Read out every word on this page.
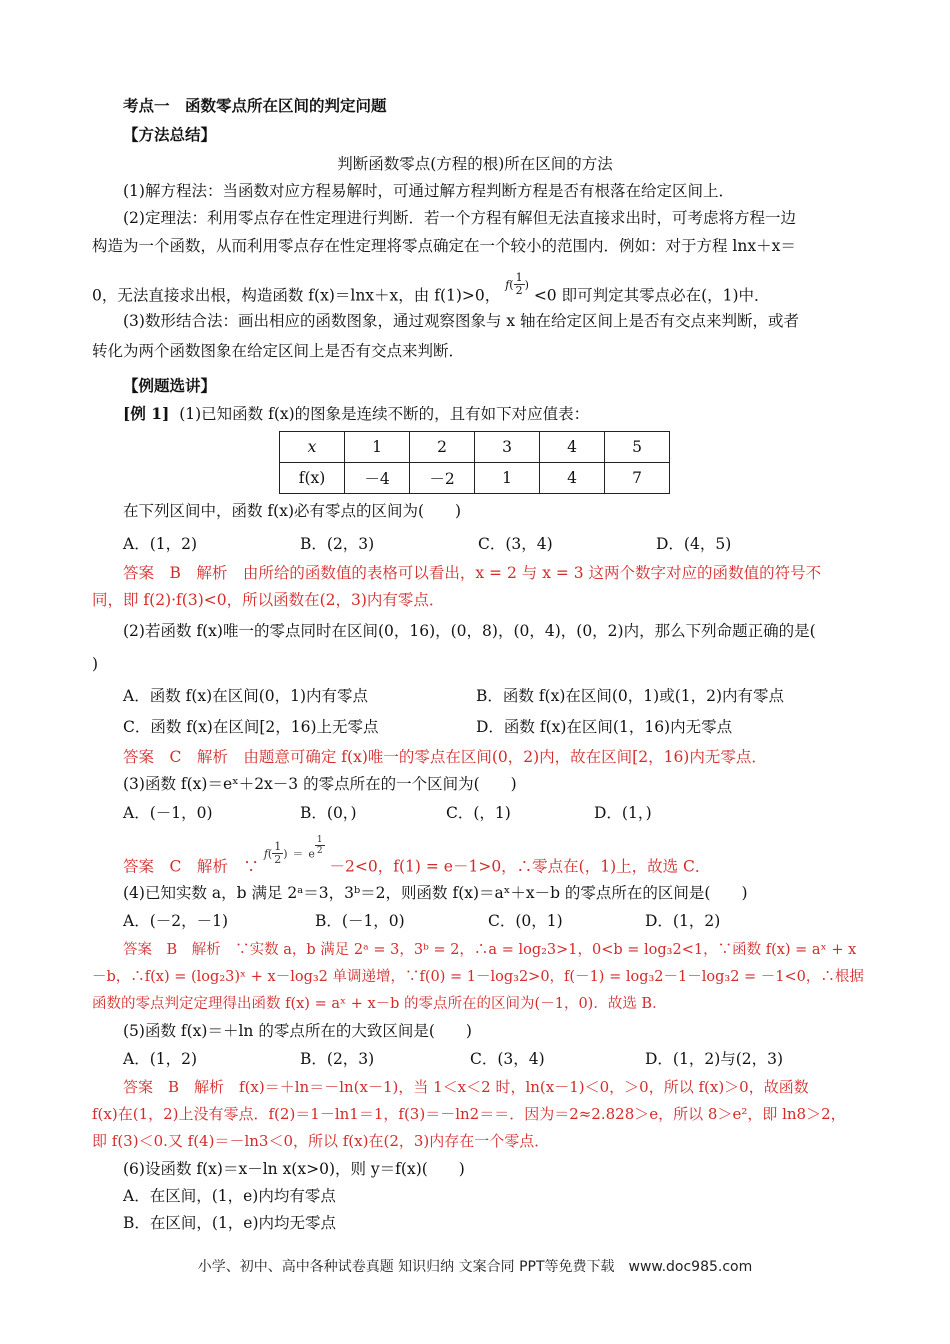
考点一　函数零点所在区间的判定问题
【方法总结】
判断函数零点(方程的根)所在区间的方法
(1)解方程法：当函数对应方程易解时，可通过解方程判断方程是否有根落在给定区间上．
(2)定理法：利用零点存在性定理进行判断．若一个方程有解但无法直接求出时，可考虑将方程一边
构造为一个函数，从而利用零点存在性定理将零点确定在一个较小的范围内．例如：对于方程 lnx＋x＝
0，无法直接求出根，构造函数 f(x)＝lnx＋x，由 f(1)>0， $f( \frac{1}{2}$ ) <0 即可判定其零点必在(，1)中．
(3)数形结合法：画出相应的函数图象，通过观察图象与 x 轴在给定区间上是否有交点来判断，或者
转化为两个函数图象在给定区间上是否有交点来判断．
【例题选讲】
[例 1] (1)已知函数 f(x)的图象是连续不断的，且有如下对应值表：
x	1	2	3	4	5
f(x)	－4	－2	1	4	7
在下列区间中，函数 f(x)必有零点的区间为(　　)
A．(1，2)	B．(2，3)	C．(3，4)	D．(4，5)
答案　B　解析　由所给的函数值的表格可以看出，x = 2 与 x = 3 这两个数字对应的函数值的符号不
同，即 f(2)·f(3)<0，所以函数在(2，3)内有零点．
(2)若函数 f(x)唯一的零点同时在区间(0，16)，(0，8)，(0，4)，(0，2)内，那么下列命题正确的是(
)
A．函数 f(x)在区间(0，1)内有零点	B．函数 f(x)在区间(0，1)或(1，2)内有零点
C．函数 f(x)在区间[2，16)上无零点	D．函数 f(x)在区间(1，16)内无零点
答案　C　解析　由题意可确定 f(x)唯一的零点在区间(0，2)内，故在区间[2，16)内无零点．
(3)函数 f(x)＝eˣ＋2x－3 的零点所在的一个区间为(　　)
A．(－1，0)	B．(0，)	C．(，1)	D．(1，)
答案　C　解析　∵ $f( \frac{1}{2}$ ) ＝ e $\frac{1}{2}$
－2<0，f(1) = e－1>0，∴零点在(，1)上，故选 C．
(4)已知实数 a，b 满足 2ᵃ＝3，3ᵇ＝2，则函数 f(x)＝aˣ＋x－b 的零点所在的区间是(　　)
A．(－2，－1)	B．(－1，0)	C．(0，1)	D．(1，2)
答案　B　解析　∵实数 a，b 满足 2ᵃ = 3，3ᵇ = 2，∴a = log₂3>1，0<b = log₃2<1，∵函数 f(x) = aˣ + x
－b，∴f(x) = (log₂3)ˣ + x－log₃2 单调递增，∵f(0) = 1－log₃2>0，f(－1) = log₃2－1－log₃2 = －1<0，∴根据
函数的零点判定定理得出函数 f(x) = aˣ + x－b 的零点所在的区间为(－1，0)．故选 B．
(5)函数 f(x)＝＋ln 的零点所在的大致区间是(　　)
A．(1，2)	B．(2，3)	C．(3，4)	D．(1，2)与(2，3)
答案　B　解析　f(x)＝＋ln＝－ln(x－1)，当 1＜x＜2 时，ln(x－1)＜0，＞0，所以 f(x)＞0，故函数
f(x)在(1，2)上没有零点．f(2)＝1－ln1＝1，f(3)＝－ln2＝＝．因为＝2≈2.828＞e，所以 8＞e²，即 ln8＞2，
即 f(3)＜0.又 f(4)＝－ln3＜0，所以 f(x)在(2，3)内存在一个零点．
(6)设函数 f(x)＝x－ln x(x>0)，则 y＝f(x)(　　)
A．在区间，(1，e)内均有零点
B．在区间，(1，e)内均无零点
小学、初中、高中各种试卷真题 知识归纳 文案合同 PPT等免费下载　www.doc985.com
